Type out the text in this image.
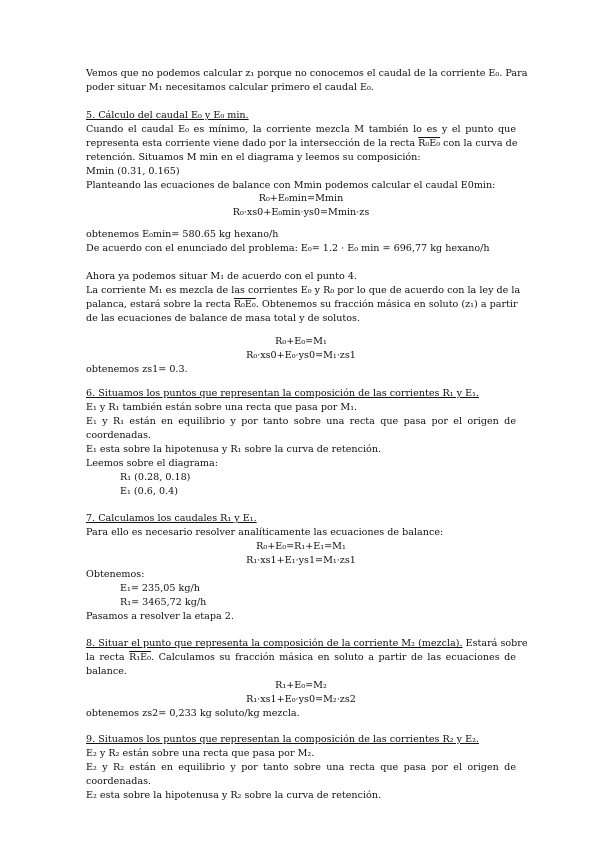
Vemos que no podemos calcular z₁ porque no conocemos el caudal de la corriente E₀. Para
poder situar M₁ necesitamos calcular primero el caudal E₀.
5. Cálculo del caudal E₀ y E₀ min.
Cuando el caudal E₀ es mínimo, la corriente mezcla M también lo es y el punto que
representa esta corriente viene dado por la intersección de la recta R₀E₀ con la curva de
retención. Situamos M min en el diagrama y leemos su composición:
Mmin (0.31, 0.165)
Planteando las ecuaciones de balance con Mmin podemos calcular el caudal E0min:
R₀+E₀min=Mmin
R₀·xs0+E₀min·ys0=Mmin·zs
obtenemos E₀min= 580.65 kg hexano/h
De acuerdo con el enunciado del problema: E₀= 1.2 · E₀ min = 696,77 kg hexano/h
Ahora ya podemos situar M₁ de acuerdo con el punto 4.
La corriente M₁ es mezcla de las corrientes E₀ y R₀ por lo que de acuerdo con la ley de la
palanca, estará sobre la recta R₀E₀. Obtenemos su fracción másica en soluto (z₁) a partir
de las ecuaciones de balance de masa total y de solutos.
R₀+E₀=M₁
R₀·xs0+E₀·ys0=M₁·zs1
obtenemos zs1= 0.3.
6. Situamos los puntos que representan la composición de las corrientes R₁ y E₁.
E₁ y R₁ también están sobre una recta que pasa por M₁.
E₁ y R₁ están en equilibrio y por tanto sobre una recta que pasa por el origen de
coordenadas.
E₁ esta sobre la hipotenusa y R₁ sobre la curva de retención.
Leemos sobre el diagrama:
R₁ (0.28, 0.18)
E₁ (0.6, 0.4)
7. Calculamos los caudales R₁ y E₁.
Para ello es necesario resolver analíticamente las ecuaciones de balance:
R₀+E₀=R₁+E₁=M₁
R₁·xs1+E₁·ys1=M₁·zs1
Obtenemos:
E₁= 235,05 kg/h
R₁= 3465,72 kg/h
Pasamos a resolver la etapa 2.
8. Situar el punto que representa la composición de la corriente M₂ (mezcla). Estará sobre
la recta R₁E₀. Calculamos su fracción másica en soluto a partir de las ecuaciones de
balance.
R₁+E₀=M₂
R₁·xs1+E₀·ys0=M₂·zs2
obtenemos zs2= 0,233 kg soluto/kg mezcla.
9. Situamos los puntos que representan la composición de las corrientes R₂ y E₂.
E₂ y R₂ están sobre una recta que pasa por M₂.
E₂ y R₂ están en equilibrio y por tanto sobre una recta que pasa por el origen de
coordenadas.
E₂ esta sobre la hipotenusa y R₂ sobre la curva de retención.
